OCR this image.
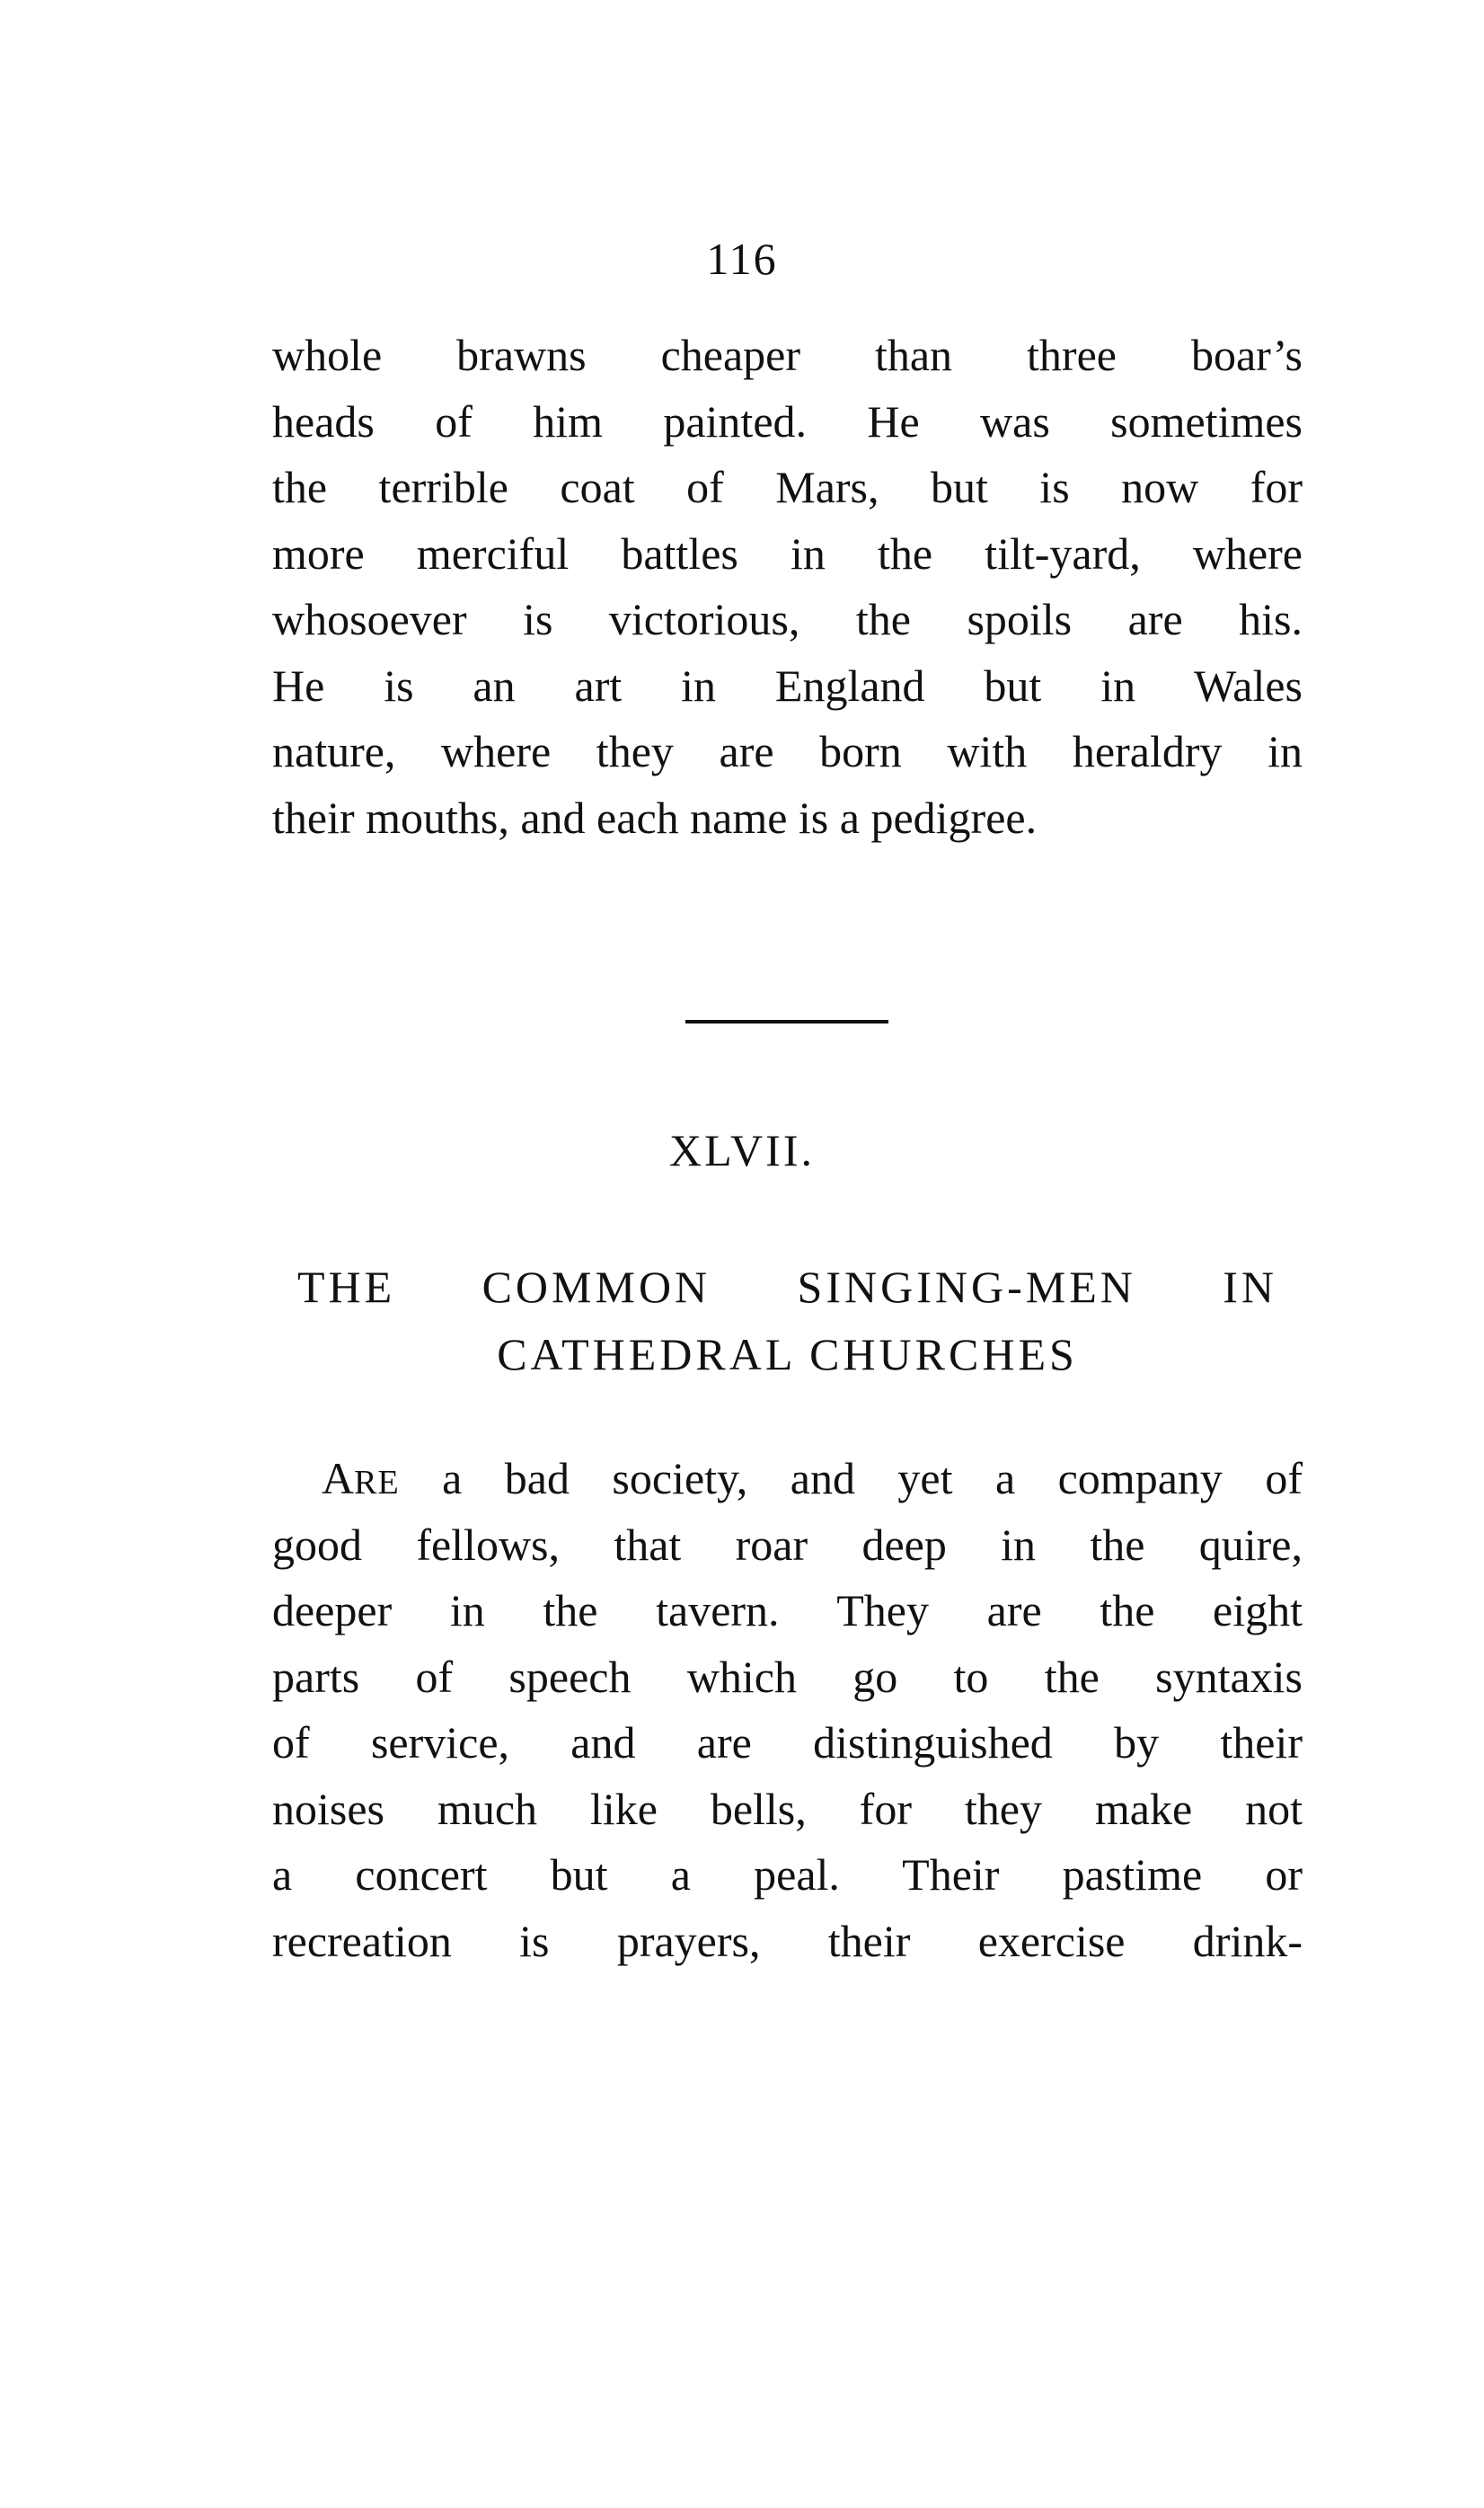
116
whole brawns cheaper than three boar’s
heads of him painted. He was sometimes
the terrible coat of Mars, but is now for
more merciful battles in the tilt-yard, where
whosoever is victorious, the spoils are his.
He is an art in England but in Wales
nature, where they are born with heraldry in
their mouths, and each name is a pedigree.
XLVII.
THE COMMON SINGING-MEN IN
CATHEDRAL CHURCHES
ARE a bad society, and yet a company of
good fellows, that roar deep in the quire,
deeper in the tavern. They are the eight
parts of speech which go to the syntaxis
of service, and are distinguished by their
noises much like bells, for they make not
a concert but a peal. Their pastime or
recreation is prayers, their exercise drink-
